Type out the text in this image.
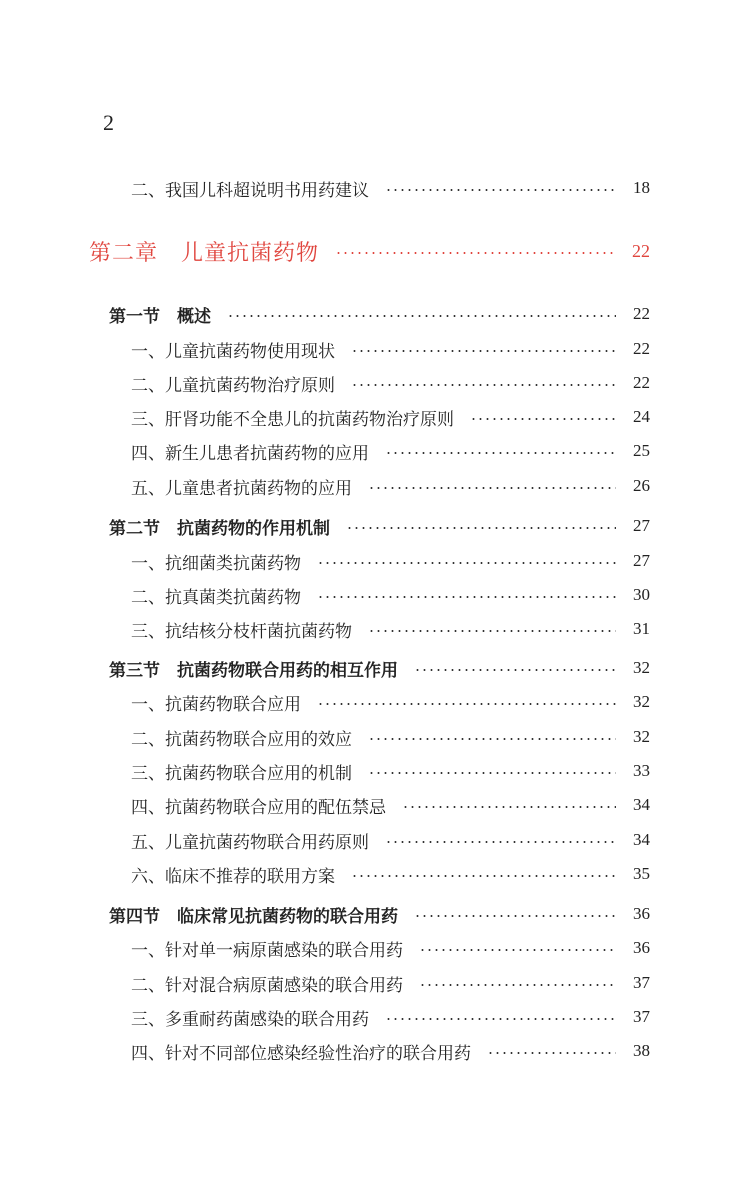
2
二、我国儿科超说明书用药建议	18
第二章　儿童抗菌药物	22
第一节　概述	22
一、儿童抗菌药物使用现状	22
二、儿童抗菌药物治疗原则	22
三、肝肾功能不全患儿的抗菌药物治疗原则	24
四、新生儿患者抗菌药物的应用	25
五、儿童患者抗菌药物的应用	26
第二节　抗菌药物的作用机制	27
一、抗细菌类抗菌药物	27
二、抗真菌类抗菌药物	30
三、抗结核分枝杆菌抗菌药物	31
第三节　抗菌药物联合用药的相互作用	32
一、抗菌药物联合应用	32
二、抗菌药物联合应用的效应	32
三、抗菌药物联合应用的机制	33
四、抗菌药物联合应用的配伍禁忌	34
五、儿童抗菌药物联合用药原则	34
六、临床不推荐的联用方案	35
第四节　临床常见抗菌药物的联合用药	36
一、针对单一病原菌感染的联合用药	36
二、针对混合病原菌感染的联合用药	37
三、多重耐药菌感染的联合用药	37
四、针对不同部位感染经验性治疗的联合用药	38
